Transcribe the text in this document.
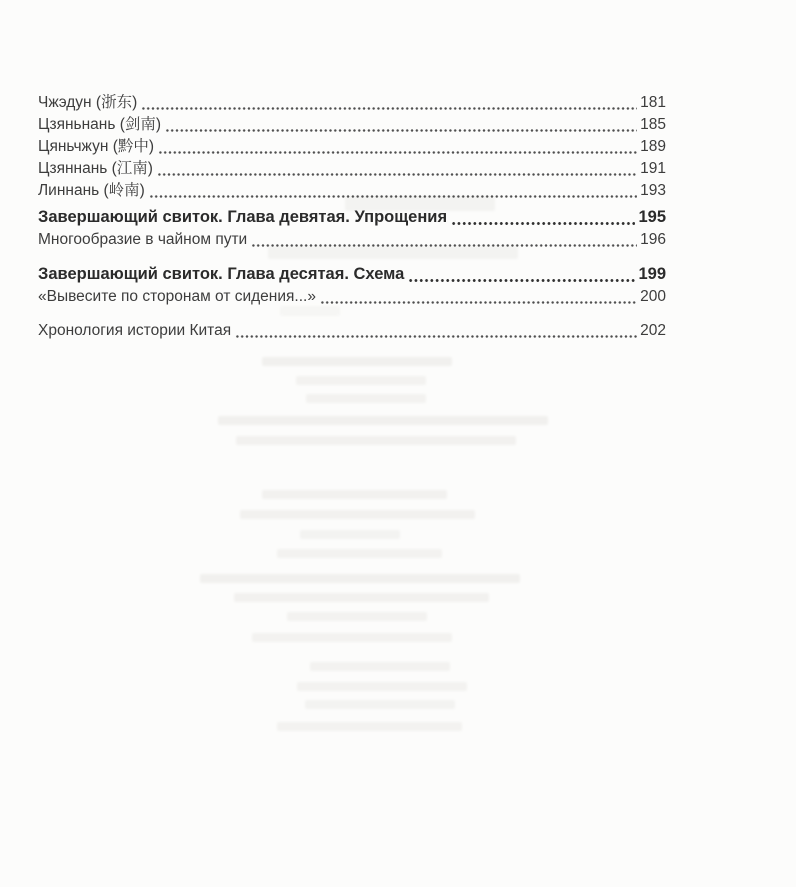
Чжэдун (浙东)	181
Цзяньнань (剑南)	185
Цяньчжун (黔中)	189
Цзяннань (江南)	191
Линнань (岭南)	193
Завершающий свиток. Глава девятая. Упрощения	195
Многообразие в чайном пути	196
Завершающий свиток. Глава десятая. Схема	199
«Вывесите по сторонам от сидения...»	200
Хронология истории Китая	202
